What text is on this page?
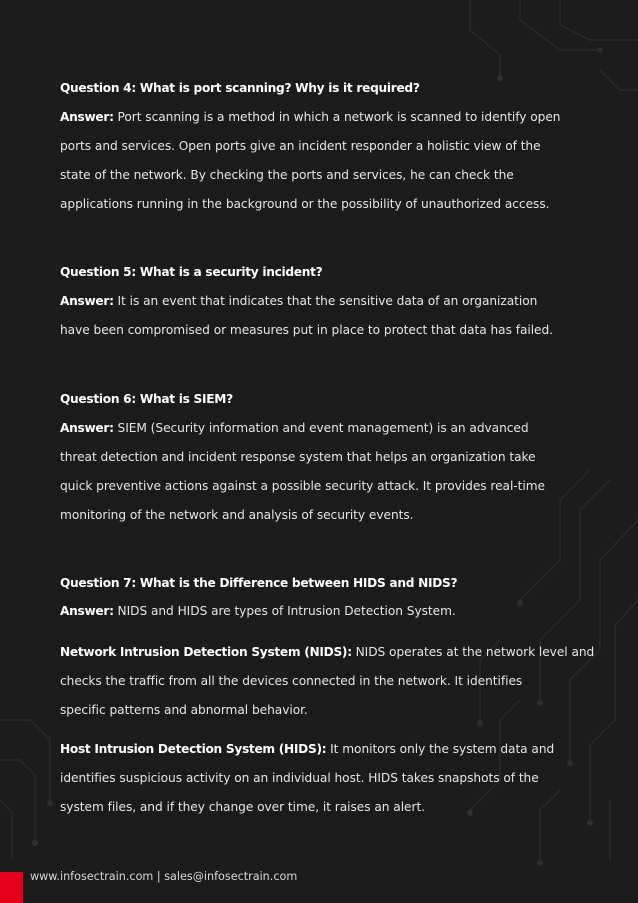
Question 4: What is port scanning? Why is it required?
Answer: Port scanning is a method in which a network is scanned to identify open
ports and services. Open ports give an incident responder a holistic view of the
state of the network. By checking the ports and services, he can check the
applications running in the background or the possibility of unauthorized access.
Question 5: What is a security incident?
Answer: It is an event that indicates that the sensitive data of an organization
have been compromised or measures put in place to protect that data has failed.
Question 6: What is SIEM?
Answer: SIEM (Security information and event management) is an advanced
threat detection and incident response system that helps an organization take
quick preventive actions against a possible security attack. It provides real-time
monitoring of the network and analysis of security events.
Question 7: What is the Difference between HIDS and NIDS?
Answer: NIDS and HIDS are types of Intrusion Detection System.
Network Intrusion Detection System (NIDS): NIDS operates at the network level and
checks the traffic from all the devices connected in the network. It identifies
specific patterns and abnormal behavior.
Host Intrusion Detection System (HIDS): It monitors only the system data and
identifies suspicious activity on an individual host. HIDS takes snapshots of the
system files, and if they change over time, it raises an alert.
www.infosectrain.com | sales@infosectrain.com
